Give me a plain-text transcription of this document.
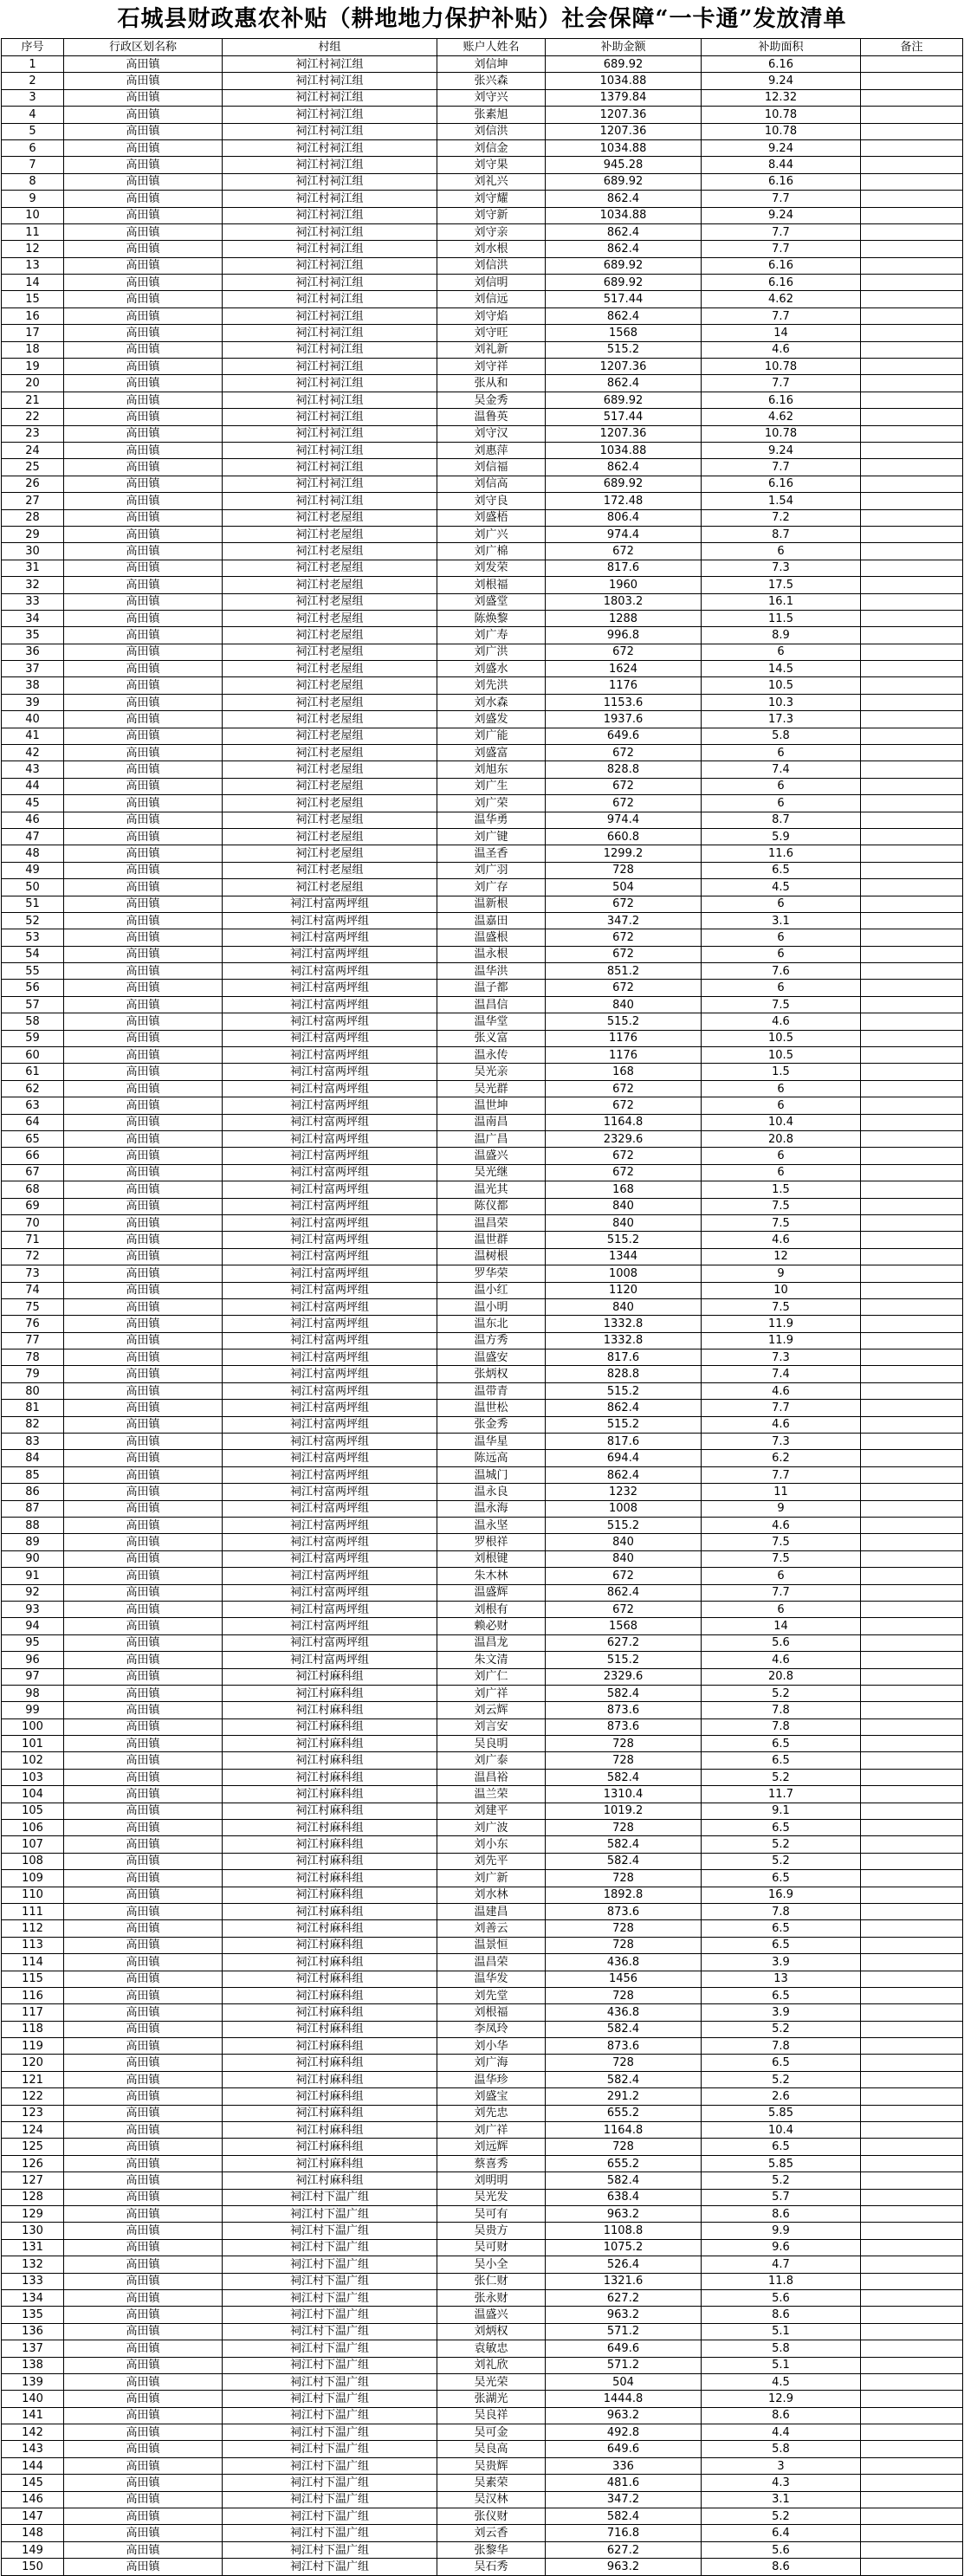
石城县财政惠农补贴（耕地地力保护补贴）社会保障“一卡通”发放清单
序号	行政区划名称	村组	账户人姓名	补助金额	补助面积	备注
1	高田镇	祠江村祠江组	刘信坤	689.92	6.16	
2	高田镇	祠江村祠江组	张兴森	1034.88	9.24	
3	高田镇	祠江村祠江组	刘守兴	1379.84	12.32	
4	高田镇	祠江村祠江组	张素旭	1207.36	10.78	
5	高田镇	祠江村祠江组	刘信洪	1207.36	10.78	
6	高田镇	祠江村祠江组	刘信金	1034.88	9.24	
7	高田镇	祠江村祠江组	刘守果	945.28	8.44	
8	高田镇	祠江村祠江组	刘礼兴	689.92	6.16	
9	高田镇	祠江村祠江组	刘守耀	862.4	7.7	
10	高田镇	祠江村祠江组	刘守新	1034.88	9.24	
11	高田镇	祠江村祠江组	刘守亲	862.4	7.7	
12	高田镇	祠江村祠江组	刘水根	862.4	7.7	
13	高田镇	祠江村祠江组	刘信洪	689.92	6.16	
14	高田镇	祠江村祠江组	刘信明	689.92	6.16	
15	高田镇	祠江村祠江组	刘信远	517.44	4.62	
16	高田镇	祠江村祠江组	刘守焰	862.4	7.7	
17	高田镇	祠江村祠江组	刘守旺	1568	14	
18	高田镇	祠江村祠江组	刘礼新	515.2	4.6	
19	高田镇	祠江村祠江组	刘守祥	1207.36	10.78	
20	高田镇	祠江村祠江组	张从和	862.4	7.7	
21	高田镇	祠江村祠江组	吴金秀	689.92	6.16	
22	高田镇	祠江村祠江组	温鲁英	517.44	4.62	
23	高田镇	祠江村祠江组	刘守汉	1207.36	10.78	
24	高田镇	祠江村祠江组	刘惠萍	1034.88	9.24	
25	高田镇	祠江村祠江组	刘信福	862.4	7.7	
26	高田镇	祠江村祠江组	刘信高	689.92	6.16	
27	高田镇	祠江村祠江组	刘守良	172.48	1.54	
28	高田镇	祠江村老屋组	刘盛梧	806.4	7.2	
29	高田镇	祠江村老屋组	刘广兴	974.4	8.7	
30	高田镇	祠江村老屋组	刘广棉	672	6	
31	高田镇	祠江村老屋组	刘发荣	817.6	7.3	
32	高田镇	祠江村老屋组	刘根福	1960	17.5	
33	高田镇	祠江村老屋组	刘盛堂	1803.2	16.1	
34	高田镇	祠江村老屋组	陈焕黎	1288	11.5	
35	高田镇	祠江村老屋组	刘广寿	996.8	8.9	
36	高田镇	祠江村老屋组	刘广洪	672	6	
37	高田镇	祠江村老屋组	刘盛水	1624	14.5	
38	高田镇	祠江村老屋组	刘先洪	1176	10.5	
39	高田镇	祠江村老屋组	刘水森	1153.6	10.3	
40	高田镇	祠江村老屋组	刘盛发	1937.6	17.3	
41	高田镇	祠江村老屋组	刘广能	649.6	5.8	
42	高田镇	祠江村老屋组	刘盛富	672	6	
43	高田镇	祠江村老屋组	刘旭东	828.8	7.4	
44	高田镇	祠江村老屋组	刘广生	672	6	
45	高田镇	祠江村老屋组	刘广荣	672	6	
46	高田镇	祠江村老屋组	温华勇	974.4	8.7	
47	高田镇	祠江村老屋组	刘广键	660.8	5.9	
48	高田镇	祠江村老屋组	温圣香	1299.2	11.6	
49	高田镇	祠江村老屋组	刘广羽	728	6.5	
50	高田镇	祠江村老屋组	刘广存	504	4.5	
51	高田镇	祠江村富两坪组	温新根	672	6	
52	高田镇	祠江村富两坪组	温嘉田	347.2	3.1	
53	高田镇	祠江村富两坪组	温盛根	672	6	
54	高田镇	祠江村富两坪组	温永根	672	6	
55	高田镇	祠江村富两坪组	温华洪	851.2	7.6	
56	高田镇	祠江村富两坪组	温子都	672	6	
57	高田镇	祠江村富两坪组	温昌信	840	7.5	
58	高田镇	祠江村富两坪组	温华堂	515.2	4.6	
59	高田镇	祠江村富两坪组	张义富	1176	10.5	
60	高田镇	祠江村富两坪组	温永传	1176	10.5	
61	高田镇	祠江村富两坪组	吴光亲	168	1.5	
62	高田镇	祠江村富两坪组	吴光群	672	6	
63	高田镇	祠江村富两坪组	温世坤	672	6	
64	高田镇	祠江村富两坪组	温南昌	1164.8	10.4	
65	高田镇	祠江村富两坪组	温广昌	2329.6	20.8	
66	高田镇	祠江村富两坪组	温盛兴	672	6	
67	高田镇	祠江村富两坪组	吴光继	672	6	
68	高田镇	祠江村富两坪组	温光其	168	1.5	
69	高田镇	祠江村富两坪组	陈仪都	840	7.5	
70	高田镇	祠江村富两坪组	温昌荣	840	7.5	
71	高田镇	祠江村富两坪组	温世群	515.2	4.6	
72	高田镇	祠江村富两坪组	温树根	1344	12	
73	高田镇	祠江村富两坪组	罗华荣	1008	9	
74	高田镇	祠江村富两坪组	温小红	1120	10	
75	高田镇	祠江村富两坪组	温小明	840	7.5	
76	高田镇	祠江村富两坪组	温东北	1332.8	11.9	
77	高田镇	祠江村富两坪组	温方秀	1332.8	11.9	
78	高田镇	祠江村富两坪组	温盛安	817.6	7.3	
79	高田镇	祠江村富两坪组	张炳权	828.8	7.4	
80	高田镇	祠江村富两坪组	温带青	515.2	4.6	
81	高田镇	祠江村富两坪组	温世松	862.4	7.7	
82	高田镇	祠江村富两坪组	张金秀	515.2	4.6	
83	高田镇	祠江村富两坪组	温华星	817.6	7.3	
84	高田镇	祠江村富两坪组	陈远高	694.4	6.2	
85	高田镇	祠江村富两坪组	温城门	862.4	7.7	
86	高田镇	祠江村富两坪组	温永良	1232	11	
87	高田镇	祠江村富两坪组	温永海	1008	9	
88	高田镇	祠江村富两坪组	温永坚	515.2	4.6	
89	高田镇	祠江村富两坪组	罗根祥	840	7.5	
90	高田镇	祠江村富两坪组	刘根键	840	7.5	
91	高田镇	祠江村富两坪组	朱木林	672	6	
92	高田镇	祠江村富两坪组	温盛辉	862.4	7.7	
93	高田镇	祠江村富两坪组	刘根有	672	6	
94	高田镇	祠江村富两坪组	赖必财	1568	14	
95	高田镇	祠江村富两坪组	温昌龙	627.2	5.6	
96	高田镇	祠江村富两坪组	朱文清	515.2	4.6	
97	高田镇	祠江村麻科组	刘广仁	2329.6	20.8	
98	高田镇	祠江村麻科组	刘广祥	582.4	5.2	
99	高田镇	祠江村麻科组	刘云辉	873.6	7.8	
100	高田镇	祠江村麻科组	刘言安	873.6	7.8	
101	高田镇	祠江村麻科组	吴良明	728	6.5	
102	高田镇	祠江村麻科组	刘广泰	728	6.5	
103	高田镇	祠江村麻科组	温昌裕	582.4	5.2	
104	高田镇	祠江村麻科组	温兰荣	1310.4	11.7	
105	高田镇	祠江村麻科组	刘建平	1019.2	9.1	
106	高田镇	祠江村麻科组	刘广波	728	6.5	
107	高田镇	祠江村麻科组	刘小东	582.4	5.2	
108	高田镇	祠江村麻科组	刘先平	582.4	5.2	
109	高田镇	祠江村麻科组	刘广新	728	6.5	
110	高田镇	祠江村麻科组	刘水林	1892.8	16.9	
111	高田镇	祠江村麻科组	温建昌	873.6	7.8	
112	高田镇	祠江村麻科组	刘善云	728	6.5	
113	高田镇	祠江村麻科组	温景恒	728	6.5	
114	高田镇	祠江村麻科组	温昌荣	436.8	3.9	
115	高田镇	祠江村麻科组	温华发	1456	13	
116	高田镇	祠江村麻科组	刘先堂	728	6.5	
117	高田镇	祠江村麻科组	刘根福	436.8	3.9	
118	高田镇	祠江村麻科组	李凤玲	582.4	5.2	
119	高田镇	祠江村麻科组	刘小华	873.6	7.8	
120	高田镇	祠江村麻科组	刘广海	728	6.5	
121	高田镇	祠江村麻科组	温华珍	582.4	5.2	
122	高田镇	祠江村麻科组	刘盛宝	291.2	2.6	
123	高田镇	祠江村麻科组	刘先忠	655.2	5.85	
124	高田镇	祠江村麻科组	刘广祥	1164.8	10.4	
125	高田镇	祠江村麻科组	刘远辉	728	6.5	
126	高田镇	祠江村麻科组	蔡喜秀	655.2	5.85	
127	高田镇	祠江村麻科组	刘明明	582.4	5.2	
128	高田镇	祠江村下温广组	吴光发	638.4	5.7	
129	高田镇	祠江村下温广组	吴可有	963.2	8.6	
130	高田镇	祠江村下温广组	吴贵方	1108.8	9.9	
131	高田镇	祠江村下温广组	吴可财	1075.2	9.6	
132	高田镇	祠江村下温广组	吴小全	526.4	4.7	
133	高田镇	祠江村下温广组	张仁财	1321.6	11.8	
134	高田镇	祠江村下温广组	张永财	627.2	5.6	
135	高田镇	祠江村下温广组	温盛兴	963.2	8.6	
136	高田镇	祠江村下温广组	刘炳权	571.2	5.1	
137	高田镇	祠江村下温广组	袁敏忠	649.6	5.8	
138	高田镇	祠江村下温广组	刘礼欣	571.2	5.1	
139	高田镇	祠江村下温广组	吴光荣	504	4.5	
140	高田镇	祠江村下温广组	张湖光	1444.8	12.9	
141	高田镇	祠江村下温广组	吴良祥	963.2	8.6	
142	高田镇	祠江村下温广组	吴可金	492.8	4.4	
143	高田镇	祠江村下温广组	吴良高	649.6	5.8	
144	高田镇	祠江村下温广组	吴贵辉	336	3	
145	高田镇	祠江村下温广组	吴素荣	481.6	4.3	
146	高田镇	祠江村下温广组	吴汉林	347.2	3.1	
147	高田镇	祠江村下温广组	张仪财	582.4	5.2	
148	高田镇	祠江村下温广组	刘云香	716.8	6.4	
149	高田镇	祠江村下温广组	张黎华	627.2	5.6	
150	高田镇	祠江村下温广组	吴石秀	963.2	8.6	
